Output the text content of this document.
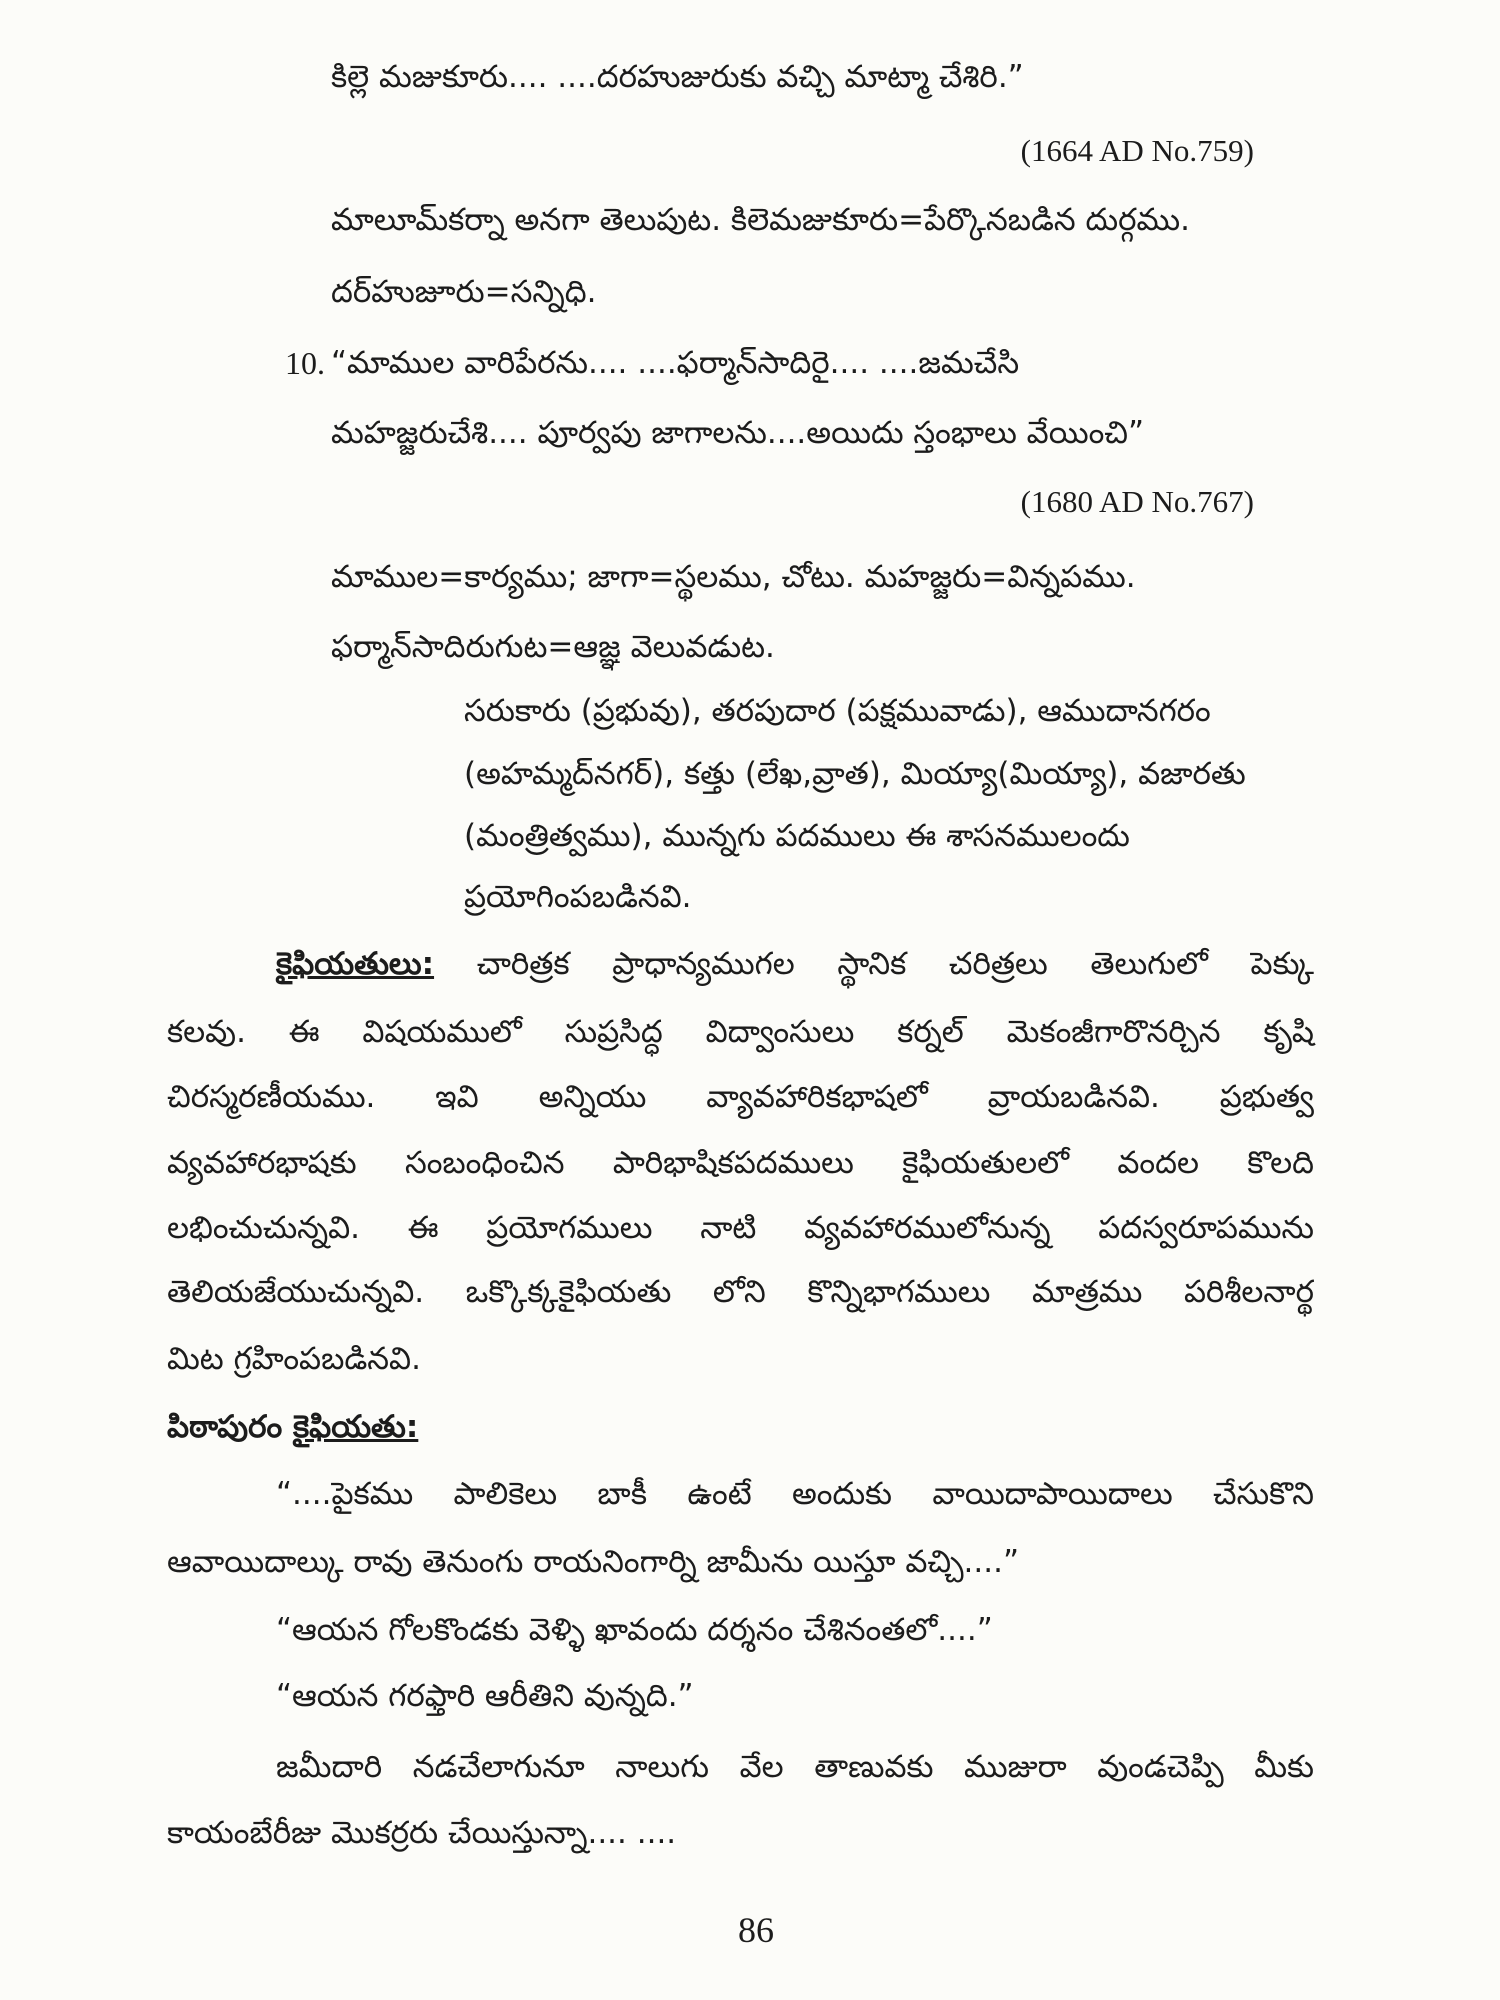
కిల్లె మజుకూరు.... ....దరహుజురుకు వచ్చి మాట్మా చేశిరి.”
(1664 AD No.759)
మాలూమ్‌కర్నా అనగా తెలుపుట. కిలెమజుకూరు=పేర్కొనబడిన దుర్గము.
దర్‌హుజూరు=సన్నిధి.
10. “మాముల వారిపేరను.... ....ఫర్మాన్‌సాదిరై.... ....జమచేసి
మహజ్జరుచేశి.... పూర్వపు జాగాలను....అయిదు స్తంభాలు వేయించి”
(1680 AD No.767)
మాముల=కార్యము; జాగా=స్థలము, చోటు. మహజ్జరు=విన్నపము.
ఫర్మాన్‌సాదిరుగుట=ఆజ్ఞ వెలువడుట.
సరుకారు (ప్రభువు), తరపుదార (పక్షమువాడు), ఆముదానగరం
(అహమ్మద్‌నగర్), కత్తు (లేఖ,వ్రాత), మియ్యా(మియ్యా), వజారతు
(మంత్రిత్వము), మున్నగు పదములు ఈ శాసనములందు
ప్రయోగింపబడినవి.
కైఫియతులు: చారిత్రక ప్రాధాన్యముగల స్థానిక చరిత్రలు తెలుగులో పెక్కు
కలవు. ఈ విషయములో సుప్రసిద్ధ విద్వాంసులు కర్నల్ మెకంజీగారొనర్చిన కృషి
చిరస్మరణీయము. ఇవి అన్నియు వ్యావహారికభాషలో వ్రాయబడినవి. ప్రభుత్వ
వ్యవహారభాషకు సంబంధించిన పారిభాషికపదములు కైఫియతులలో వందల కొలది
లభించుచున్నవి. ఈ ప్రయోగములు నాటి వ్యవహారములోనున్న పదస్వరూపమును
తెలియజేయుచున్నవి. ఒక్కొక్కకైఫియతు లోని కొన్నిభాగములు మాత్రము పరిశీలనార్థ
మిట గ్రహింపబడినవి.
పిఠాపురం కైఫియతు:
“....పైకము పాలికెలు బాకీ ఉంటే అందుకు వాయిదాపాయిదాలు చేసుకొని
ఆవాయిదాల్కు రావు తెనుంగు రాయనింగార్ని జామీను యిస్తూ వచ్చి....”
“ఆయన గోలకొండకు వెళ్ళి ఖావందు దర్శనం చేశినంతలో....”
“ఆయన గరఫ్తారి ఆరీతిని వున్నది.”
జమీదారి నడచేలాగునూ నాలుగు వేల తాణువకు ముజురా వుండచెప్పి మీకు
కాయంబేరీజు మొకర్రరు చేయిస్తున్నా.... ....
86
